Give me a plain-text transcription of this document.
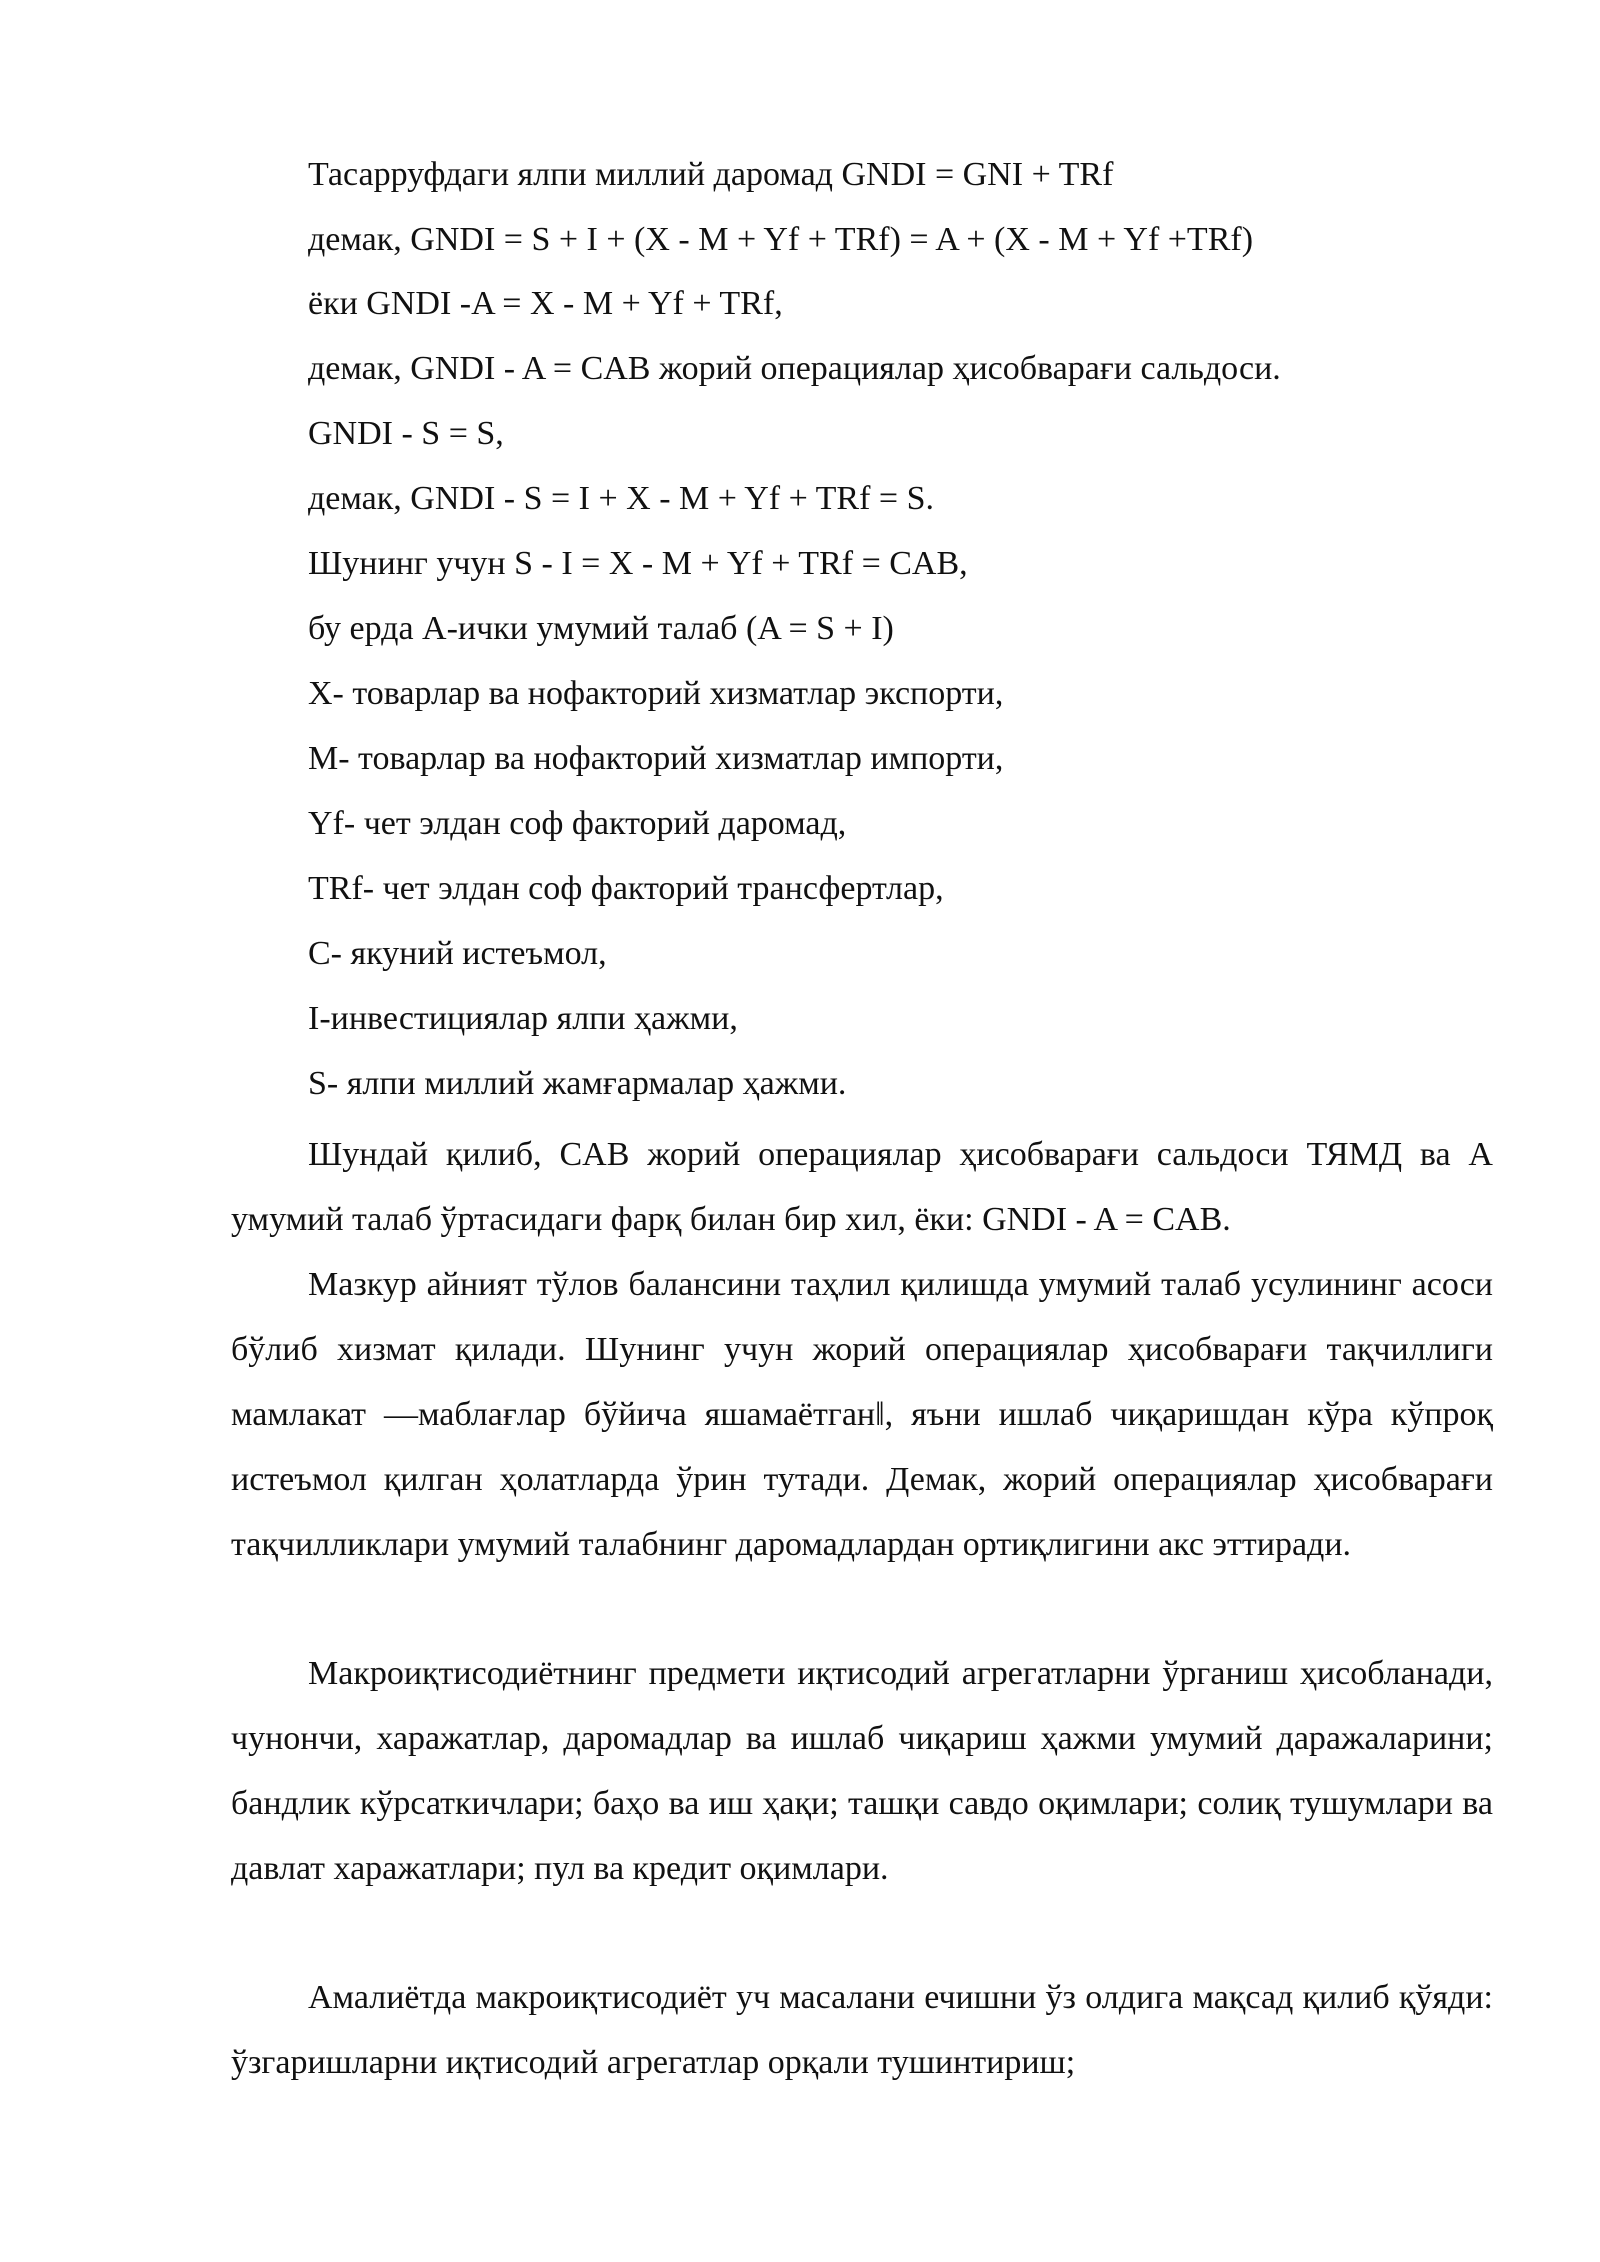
Тасарруфдаги ялпи миллий даромад GNDI = GNI + TRf
демак, GNDI = S + I + (X - M + Yf + TRf) = A + (X - M + Yf +TRf)
ёки GNDI -A = X - M + Yf + TRf,
демак, GNDI - A = CAB жорий операциялар ҳисобварағи сальдоси.
GNDI - S = S,
демак, GNDI - S = I + X - M + Yf + TRf = S.
Шунинг учун S - I = X - M + Yf + TRf = CAB,
бу ерда A-ички умумий талаб (A = S + I)
X- товарлар ва нофакторий хизматлар экспорти,
M- товарлар ва нофакторий хизматлар импорти,
Yf- чет элдан соф факторий даромад,
TRf- чет элдан соф факторий трансфертлар,
C- якуний истеъмол,
I-инвестициялар ялпи ҳажми,
S- ялпи миллий жамғармалар ҳажми.

Шундай қилиб, CAB жорий операциялар ҳисобварағи сальдоси ТЯМД ва A умумий талаб ўртасидаги фарқ билан бир хил, ёки: GNDI - A = CAB.

Мазкур айният тўлов балансини таҳлил қилишда умумий талаб усулининг асоси бўлиб хизмат қилади. Шунинг учун жорий операциялар ҳисобварағи тақчиллиги мамлакат ―маблағлар бўйича яшамаётган‖, яъни ишлаб чиқаришдан кўра кўпроқ истеъмол қилган ҳолатларда ўрин тутади. Демак, жорий операциялар ҳисобварағи тақчилликлари умумий талабнинг даромадлардан ортиқлигини акс эттиради.

Макроиқтисодиётнинг предмети иқтисодий агрегатларни ўрганиш ҳисобланади, чунончи, харажатлар, даромадлар ва ишлаб чиқариш ҳажми умумий даражаларини; бандлик кўрсаткичлари; баҳо ва иш ҳақи; ташқи савдо оқимлари; солиқ тушумлари ва давлат харажатлари; пул ва кредит оқимлари.

Амалиётда макроиқтисодиёт уч масалани ечишни ўз олдига мақсад қилиб қўяди: ўзгаришларни иқтисодий агрегатлар орқали тушинтириш;
